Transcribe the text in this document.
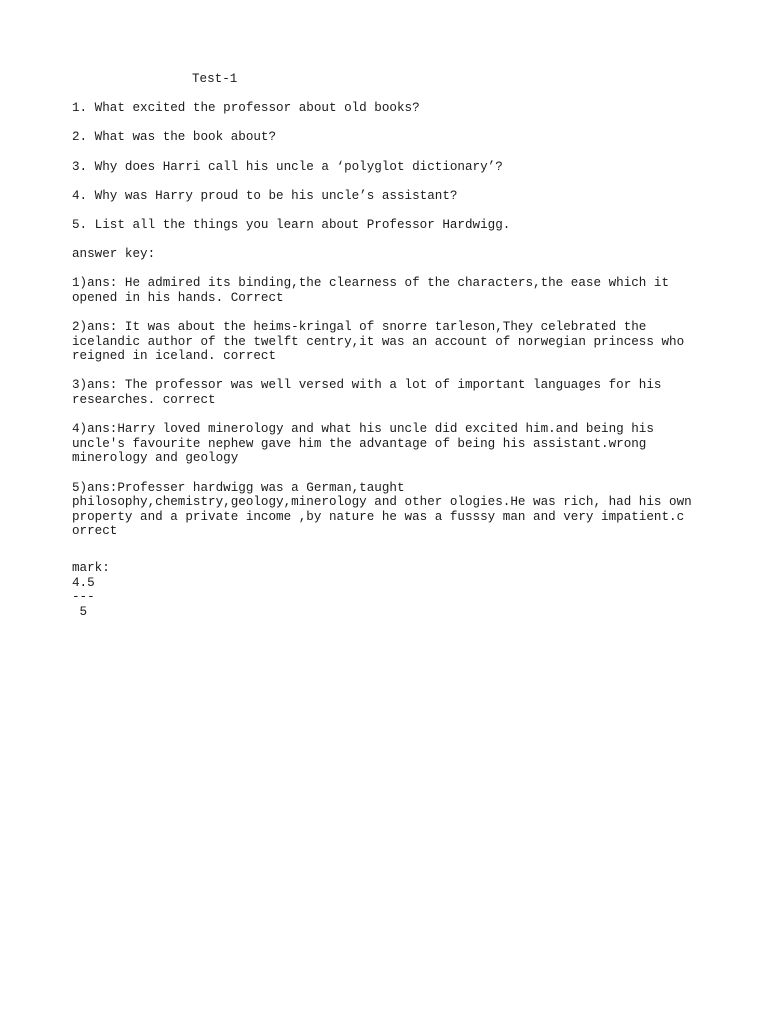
Test-1
1. What excited the professor about old books?
2. What was the book about?
3. Why does Harri call his uncle a ‘polyglot dictionary’?
4. Why was Harry proud to be his uncle’s assistant?
5. List all the things you learn about Professor Hardwigg.
answer key:
1)ans: He admired its binding,the clearness of the characters,the ease which it
opened in his hands. Correct
2)ans: It was about the heims-kringal of snorre tarleson,They celebrated the
icelandic author of the twelft centry,it was an account of norwegian princess who
reigned in iceland. correct
3)ans: The professor was well versed with a lot of important languages for his
researches. correct
4)ans:Harry loved minerology and what his uncle did excited him.and being his
uncle's favourite nephew gave him the advantage of being his assistant.wrong
minerology and geology
5)ans:Professer hardwigg was a German,taught
philosophy,chemistry,geology,minerology and other ologies.He was rich, had his own
property and a private income ,by nature he was a fusssy man and very impatient.c
orrect
mark:
4.5
---
5
